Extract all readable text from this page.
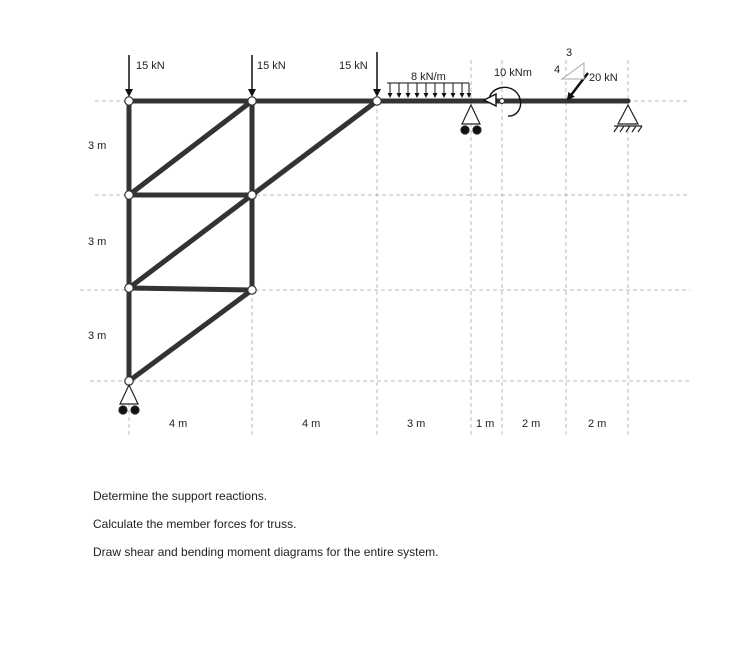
15 kN	15 kN	15 kN
8 kN/m	10 kNm	20 kN
4
3
3 m
3 m
3 m
4 m	4 m	3 m	1 m	2 m	2 m
Determine the support reactions.
Calculate the member forces for truss.
Draw shear and bending moment diagrams for the entire system.
